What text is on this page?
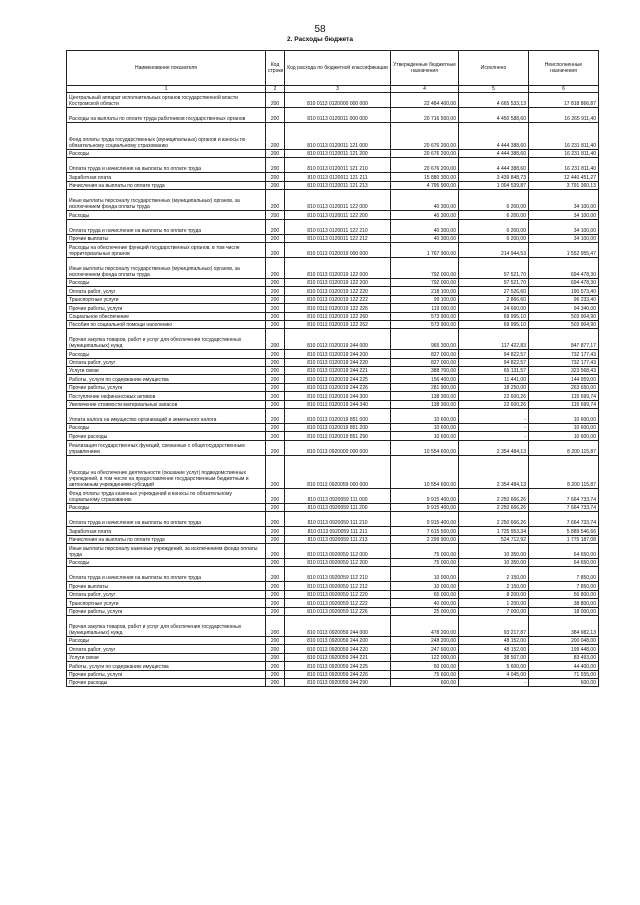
58
2. Расходы бюджета
Наименование показателя	Код строки	Код расхода по бюджетной классификации	Утвержденные бюджетные назначения	Исполнено	Неисполненные назначения
1	2	3	4	5	6
Центральный аппарат исполнительных органов государственной власти Костромской области	200	810 0113 0120000 000 000	22 484 400,00	4 665 533,13	17 818 866,87
Расходы на выплаты по оплате труда работников государственных органов	200	810 0113 0120011 000 000	20 716 500,00	4 450 588,60	16 265 911,40
Фонд оплаты труда государственных (муниципальных) органов и взносы по обязательному социальному страхованию	200	810 0113 0120011 121 000	20 676 200,00	4 444 388,60	16 231 811,40
Расходы	200	810 0113 0120011 121 200	20 676 200,00	4 444 388,60	16 231 811,40
Оплата труда и начисления на выплаты по оплате труда	200	810 0113 0120011 121 210	20 676 200,00	4 444 388,60	16 231 811,40
Заработная плата	200	810 0113 0120011 121 211	15 880 300,00	3 439 848,73	12 440 451,27
Начисления на выплаты по оплате труда	200	810 0113 0120011 121 213	4 795 900,00	1 004 539,87	3 791 360,13
Иные выплаты персоналу государственных (муниципальных) органов, за исключением фонда оплаты труда	200	810 0113 0120011 122 000	40 300,00	6 200,00	34 100,00
Расходы	200	810 0113 0120011 122 200	40 300,00	6 200,00	34 100,00
Оплата труда и начисления на выплаты по оплате труда	200	810 0113 0120011 122 210	40 300,00	6 200,00	34 100,00
Прочие выплаты	200	810 0113 0120011 122 212	40 300,00	6 200,00	34 100,00
Расходы на обеспечение функций государственных органов, в том числе территориальных органов	200	810 0113 0120019 000 000	1 767 900,00	214 944,53	1 552 955,47
Иные выплаты персоналу государственных (муниципальных) органов, за исключением фонда оплаты труда	200	810 0113 0120019 122 000	792 000,00	97 521,70	694 478,30
Расходы	200	810 0113 0120019 122 200	792 000,00	97 521,70	694 478,30
Оплата работ, услуг	200	810 0113 0120019 122 220	218 100,00	27 526,60	190 573,40
Транспортные услуги	200	810 0113 0120019 122 222	99 100,00	2 866,60	96 233,40
Прочие работы, услуги	200	810 0113 0120019 122 226	119 000,00	24 660,00	94 340,00
Социальное обеспечение	200	810 0113 0120019 122 260	573 900,00	69 995,10	503 904,90
Пособия по социальной помощи населению	200	810 0113 0120019 122 262	573 900,00	69 995,10	503 904,90
Прочая закупка товаров, работ и услуг для обеспечения государственных (муниципальных) нужд	200	810 0113 0120019 244 000	965 300,00	117 422,83	847 877,17
Расходы	200	810 0113 0120019 244 200	827 000,00	94 822,57	732 177,43
Оплата работ, услуг	200	810 0113 0120019 244 220	827 000,00	94 822,57	732 177,43
Услуги связи	200	810 0113 0120019 244 221	388 700,00	65 131,57	323 568,43
Работы, услуги по содержанию имущества	200	810 0113 0120019 244 225	156 400,00	11 441,00	144 959,00
Прочие работы, услуги	200	810 0113 0120019 244 226	281 900,00	18 250,00	263 650,00
Поступление нефинансовых активов	200	810 0113 0120019 244 300	138 300,00	22 600,26	115 699,74
Увеличение стоимости материальных запасов	200	810 0113 0120019 244 340	138 300,00	22 600,26	115 699,74
Уплата налога на имущество организаций и земельного налога	200	810 0113 0120019 851 000	10 600,00	-	10 600,00
Расходы	200	810 0113 0120019 851 200	10 600,00	-	10 600,00
Прочие расходы	200	810 0113 0120019 851 290	10 600,00	-	10 600,00
Реализация государственных функций, связанных с общегосударственным управлением	200	810 0113 0920000 000 000	10 554 600,00	2 354 484,13	8 200 115,87
Расходы на обеспечение деятельности (оказание услуг) подведомственных учреждений, в том числе на предоставление государственным бюджетным и автономным учреждениям субсидий	200	810 0113 0920059 000 000	10 554 600,00	2 354 484,13	8 200 115,87
Фонд оплаты труда казенных учреждений и взносы по обязательному социальному страхованию	200	810 0113 0920059 111 000	9 915 400,00	2 250 666,26	7 664 733,74
Расходы	200	810 0113 0920059 111 200	9 915 400,00	2 250 666,26	7 664 733,74
Оплата труда и начисления на выплаты по оплате труда	200	810 0113 0920059 111 210	9 915 400,00	2 250 666,26	7 664 733,74
Заработная плата	200	810 0113 0920059 111 211	7 615 500,00	1 725 953,34	5 889 546,66
Начисления на выплаты по оплате труда	200	810 0113 0920059 111 213	2 299 900,00	524 712,92	1 775 187,08
Иные выплаты персоналу казенных учреждений, за исключением фонда оплаты труда	200	810 0113 0920059 112 000	75 000,00	10 350,00	64 650,00
Расходы	200	810 0113 0920059 112 200	75 000,00	10 350,00	64 650,00
Оплата труда и начисления на выплаты по оплате труда	200	810 0113 0920059 112 210	10 000,00	2 150,00	7 850,00
Прочие выплаты	200	810 0113 0920059 112 212	10 000,00	2 150,00	7 850,00
Оплата работ, услуг	200	810 0113 0920059 112 220	65 000,00	8 200,00	56 800,00
Транспортные услуги	200	810 0113 0920059 112 222	40 000,00	1 200,00	38 800,00
Прочие работы, услуги	200	810 0113 0920059 112 226	25 000,00	7 000,00	18 000,00
Прочая закупка товаров, работ и услуг для обеспечения государственных (муниципальных) нужд	200	810 0113 0920059 244 000	478 200,00	93 217,87	384 982,13
Расходы	200	810 0113 0920059 244 200	248 200,00	48 152,00	200 048,00
Оплата работ, услуг	200	810 0113 0920059 244 220	247 600,00	48 152,00	199 448,00
Услуги связи	200	810 0113 0920059 244 221	122 000,00	38 507,00	83 493,00
Работы, услуги по содержанию имущества	200	810 0113 0920059 244 225	50 000,00	5 600,00	44 400,00
Прочие работы, услуги	200	810 0113 0920059 244 226	75 600,00	4 045,00	71 555,00
Прочие расходы	200	810 0113 0920059 244 290	600,00	-	600,00
